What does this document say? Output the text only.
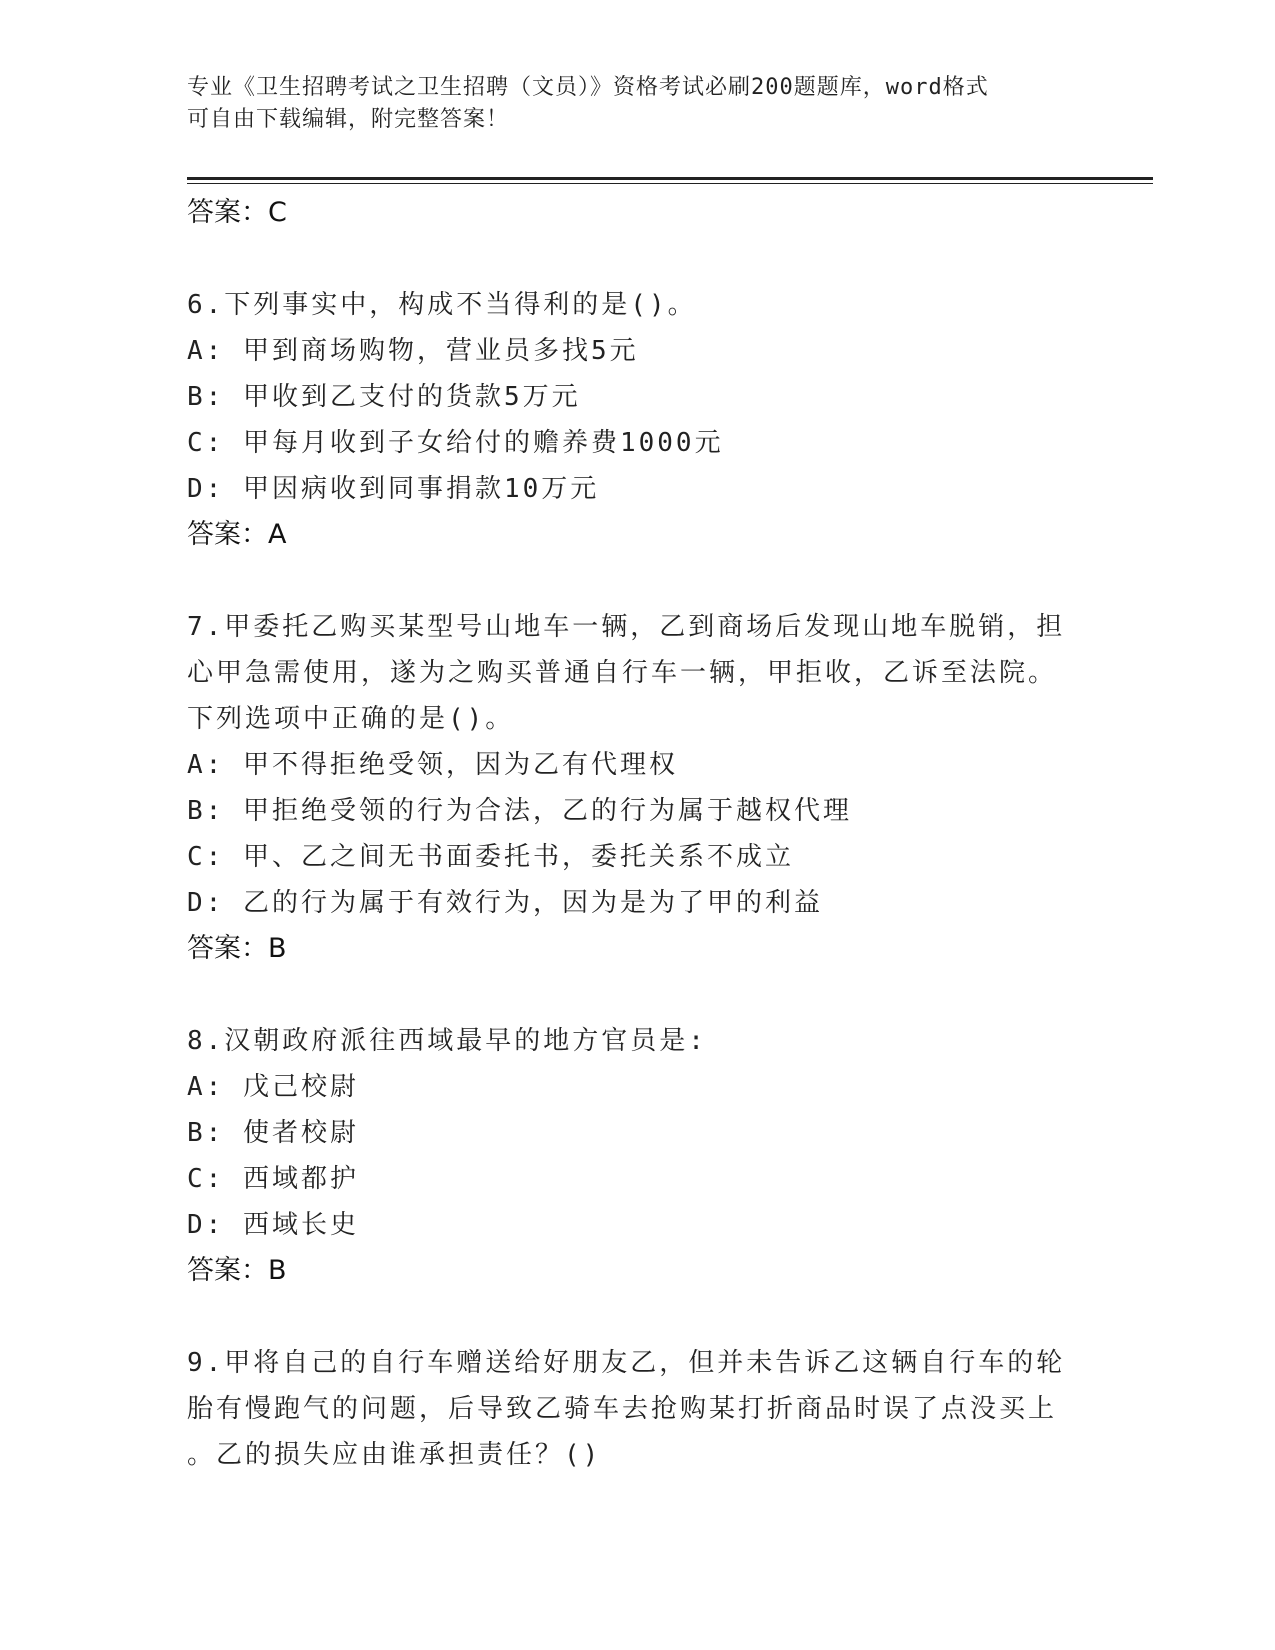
专业《卫生招聘考试之卫生招聘（文员）》资格考试必刷200题题库，word格式
可自由下载编辑，附完整答案！

答案：C

6.下列事实中，构成不当得利的是()。

A: 甲到商场购物，营业员多找5元

B: 甲收到乙支付的货款5万元

C: 甲每月收到子女给付的赡养费1000元

D: 甲因病收到同事捐款10万元

答案：A

7.甲委托乙购买某型号山地车一辆，乙到商场后发现山地车脱销，担

心甲急需使用，遂为之购买普通自行车一辆，甲拒收，乙诉至法院。

下列选项中正确的是()。

A: 甲不得拒绝受领，因为乙有代理权

B: 甲拒绝受领的行为合法，乙的行为属于越权代理

C: 甲、乙之间无书面委托书，委托关系不成立

D: 乙的行为属于有效行为，因为是为了甲的利益

答案：B

8.汉朝政府派往西域最早的地方官员是:

A: 戊己校尉

B: 使者校尉

C: 西域都护

D: 西域长史

答案：B

9.甲将自己的自行车赠送给好朋友乙，但并未告诉乙这辆自行车的轮

胎有慢跑气的问题，后导致乙骑车去抢购某打折商品时误了点没买上

。乙的损失应由谁承担责任？()
